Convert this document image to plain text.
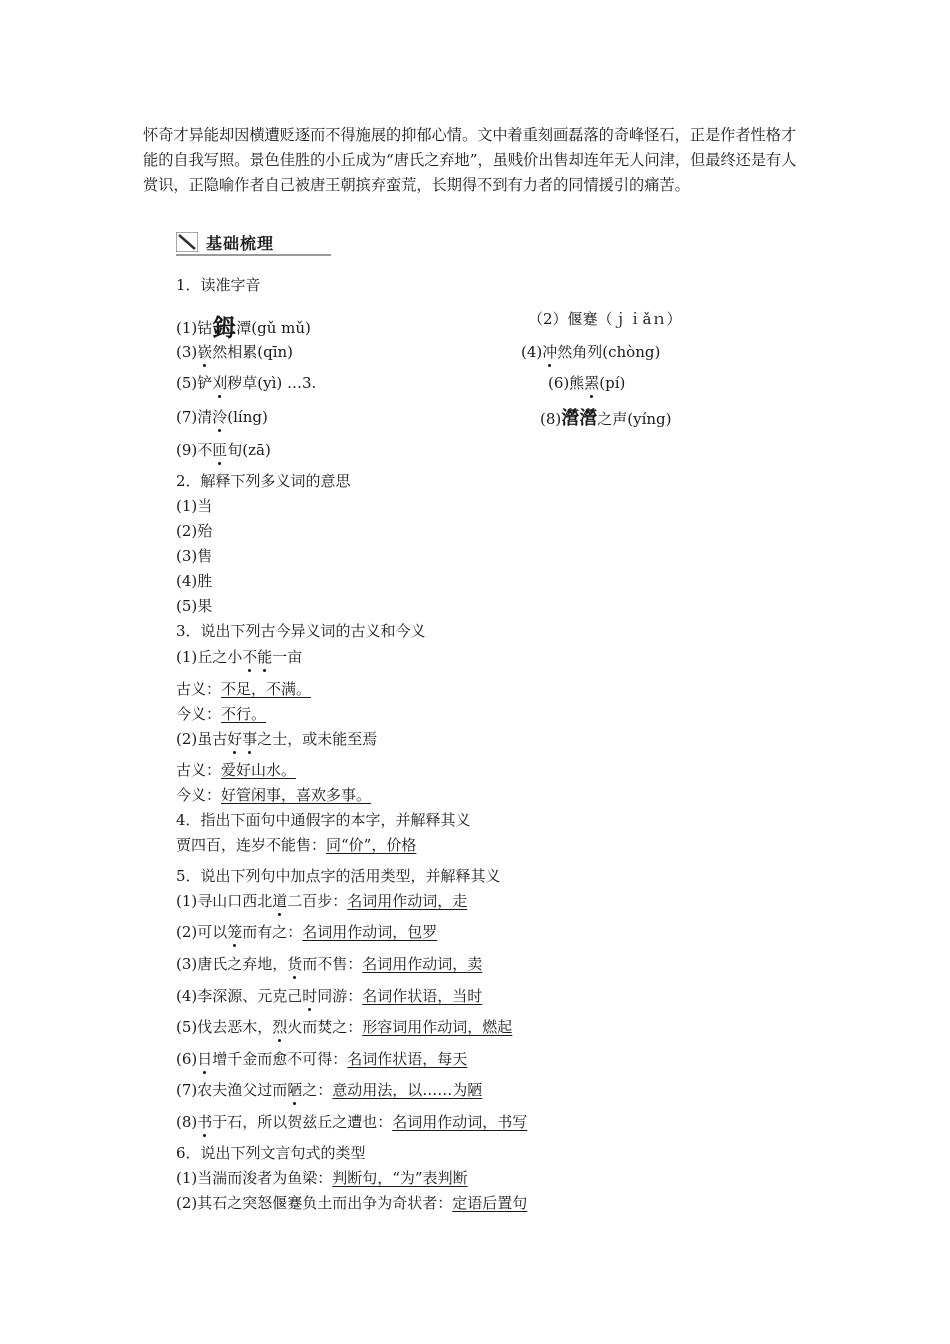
怀奇才异能却因横遭贬逐而不得施展的抑郁心情。文中着重刻画磊落的奇峰怪石，正是作者性格才能的自我写照。景色佳胜的小丘成为“唐氏之弃地”，虽贱价出售却连年无人问津，但最终还是有人赏识，正隐喻作者自己被唐王朝摈弃蛮荒，长期得不到有力者的同情援引的痛苦。
基础梳理
1．读准字音
(1)钴鉧潭(gǔ mǔ)	（2）偃蹇（ｊｉǎｎ）
(3)嵚然相累(qīn)	(4)冲然角列(chòng)
(5)铲刈秽草(yì) …3.	(6)熊罴(pí)
(7)清泠(líng)	(8)瀯瀯之声(yíng)
(9)不匝旬(zā)
2．解释下列多义词的意思
(1)当
(2)殆
(3)售
(4)胜
(5)果
3．说出下列古今异义词的古义和今义
(1)丘之小不能一亩
古义：不足，不满。
今义：不行。
(2)虽古好事之士，或未能至焉
古义：爱好山水。
今义：好管闲事，喜欢多事。
4．指出下面句中通假字的本字，并解释其义
贾四百，连岁不能售：同“价”，价格
5．说出下列句中加点字的活用类型，并解释其义
(1)寻山口西北道二百步：名词用作动词，走
(2)可以笼而有之：名词用作动词，包罗
(3)唐氏之弃地，货而不售：名词用作动词，卖
(4)李深源、元克己时同游：名词作状语，当时
(5)伐去恶木，烈火而焚之：形容词用作动词，燃起
(6)日增千金而愈不可得：名词作状语，每天
(7)农夫渔父过而陋之：意动用法，以……为陋
(8)书于石，所以贺兹丘之遭也：名词用作动词，书写
6．说出下列文言句式的类型
(1)当湍而浚者为鱼梁：判断句，“为”表判断
(2)其石之突怒偃蹇负土而出争为奇状者：定语后置句
